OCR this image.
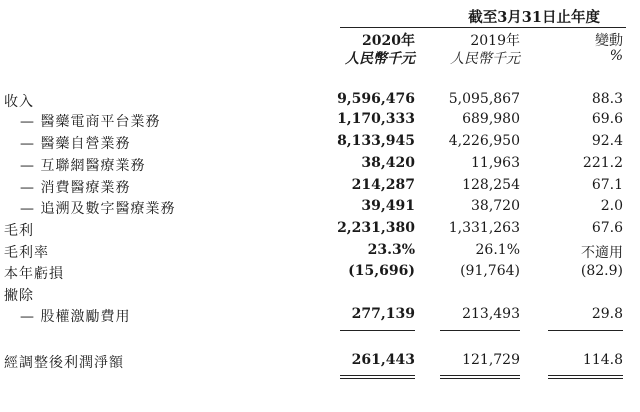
截至3月31日止年度
2020年	2019年	變動
人民幣千元	人民幣千元	%
收入	9,596,476	5,095,867	88.3
— 醫藥電商平台業務	1,170,333	689,980	69.6
— 醫藥自營業務	8,133,945	4,226,950	92.4
— 互聯網醫療業務	38,420	11,963	221.2
— 消費醫療業務	214,287	128,254	67.1
— 追溯及數字醫療業務	39,491	38,720	2.0
毛利	2,231,380	1,331,263	67.6
毛利率	23.3%	26.1%	不適用
本年虧損	(15,696)	(91,764)	(82.9)
撇除
— 股權激勵費用	277,139	213,493	29.8
經調整後利潤淨額	261,443	121,729	114.8
